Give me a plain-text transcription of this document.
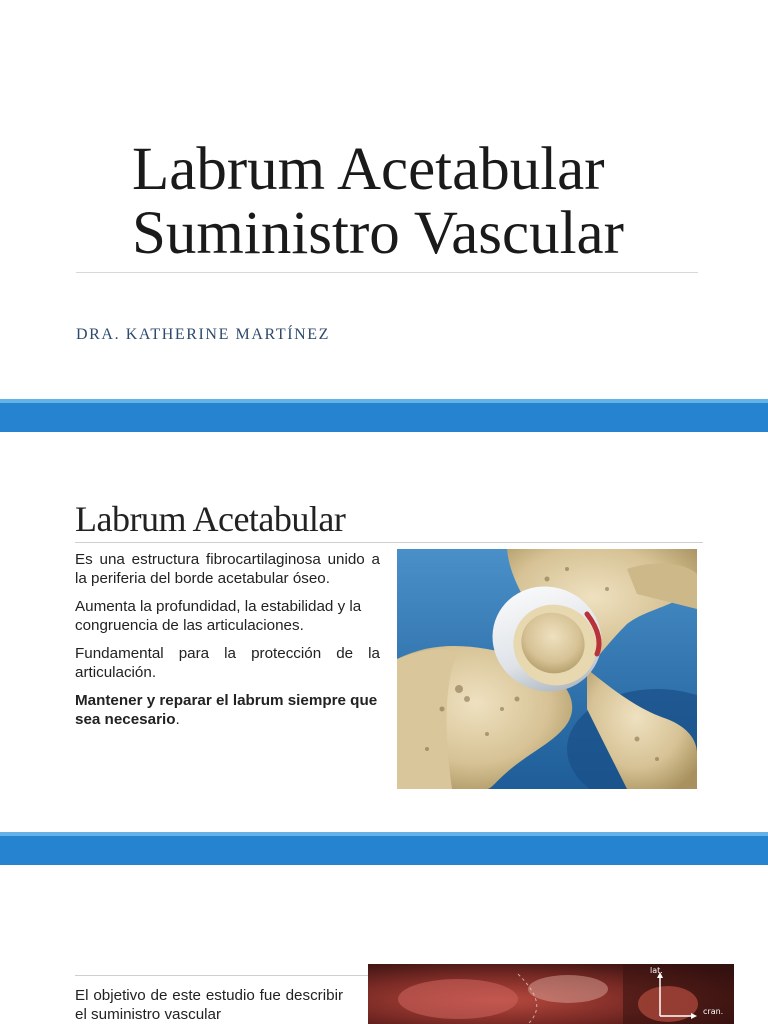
Labrum Acetabular
Suministro Vascular
DRA. KATHERINE MARTÍNEZ
Labrum Acetabular

Es una estructura fibrocartilaginosa unido a la periferia del borde acetabular óseo.

Aumenta la profundidad, la estabilidad y la congruencia de las articulaciones.

Fundamental para la protección de la articulación.

Mantener y reparar el labrum siempre que sea necesario.

El objetivo de este estudio fue describir el suministro vascular

lat.
cran.
